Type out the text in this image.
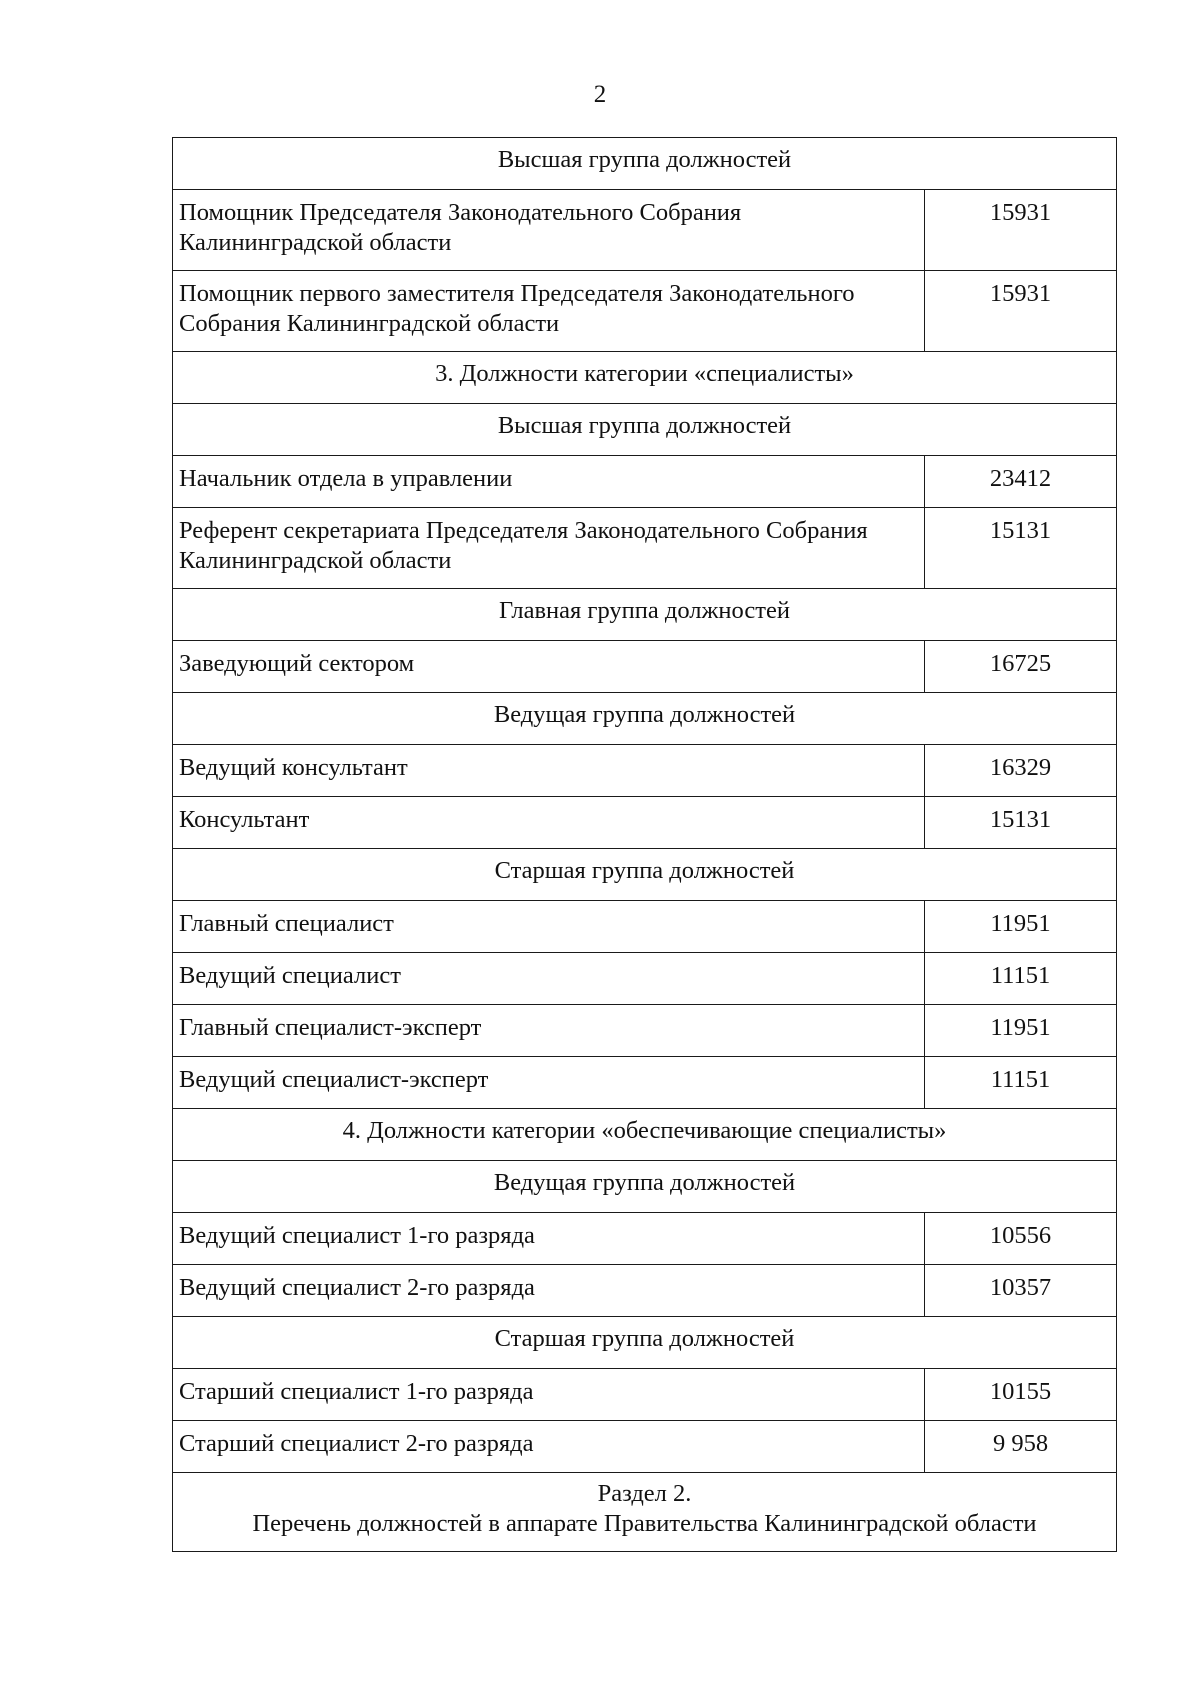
2
Высшая группа должностей	

Помощник Председателя Законодательного Собрания
Калининградской области	15931

Помощник первого заместителя Председателя Законодательного
Собрания Калининградской области	15931
3. Должности категории «специалисты»	
Высшая группа должностей	
Начальник отдела в управлении	23412

Референт секретариата Председателя Законодательного Собрания
Калининградской области	15131
Главная группа должностей	
Заведующий сектором	16725
Ведущая группа должностей	
Ведущий консультант	16329
Консультант	15131
Старшая группа должностей	
Главный специалист	11951
Ведущий специалист	11151
Главный специалист-эксперт	11951
Ведущий специалист-эксперт	11151
4. Должности категории «обеспечивающие специалисты»	
Ведущая группа должностей	
Ведущий специалист 1-го разряда	10556
Ведущий специалист 2-го разряда	10357
Старшая группа должностей	
Старший специалист 1-го разряда	10155
Старший специалист 2-го разряда	9 958

Раздел 2.
Перечень должностей в аппарате Правительства Калининградской области	
